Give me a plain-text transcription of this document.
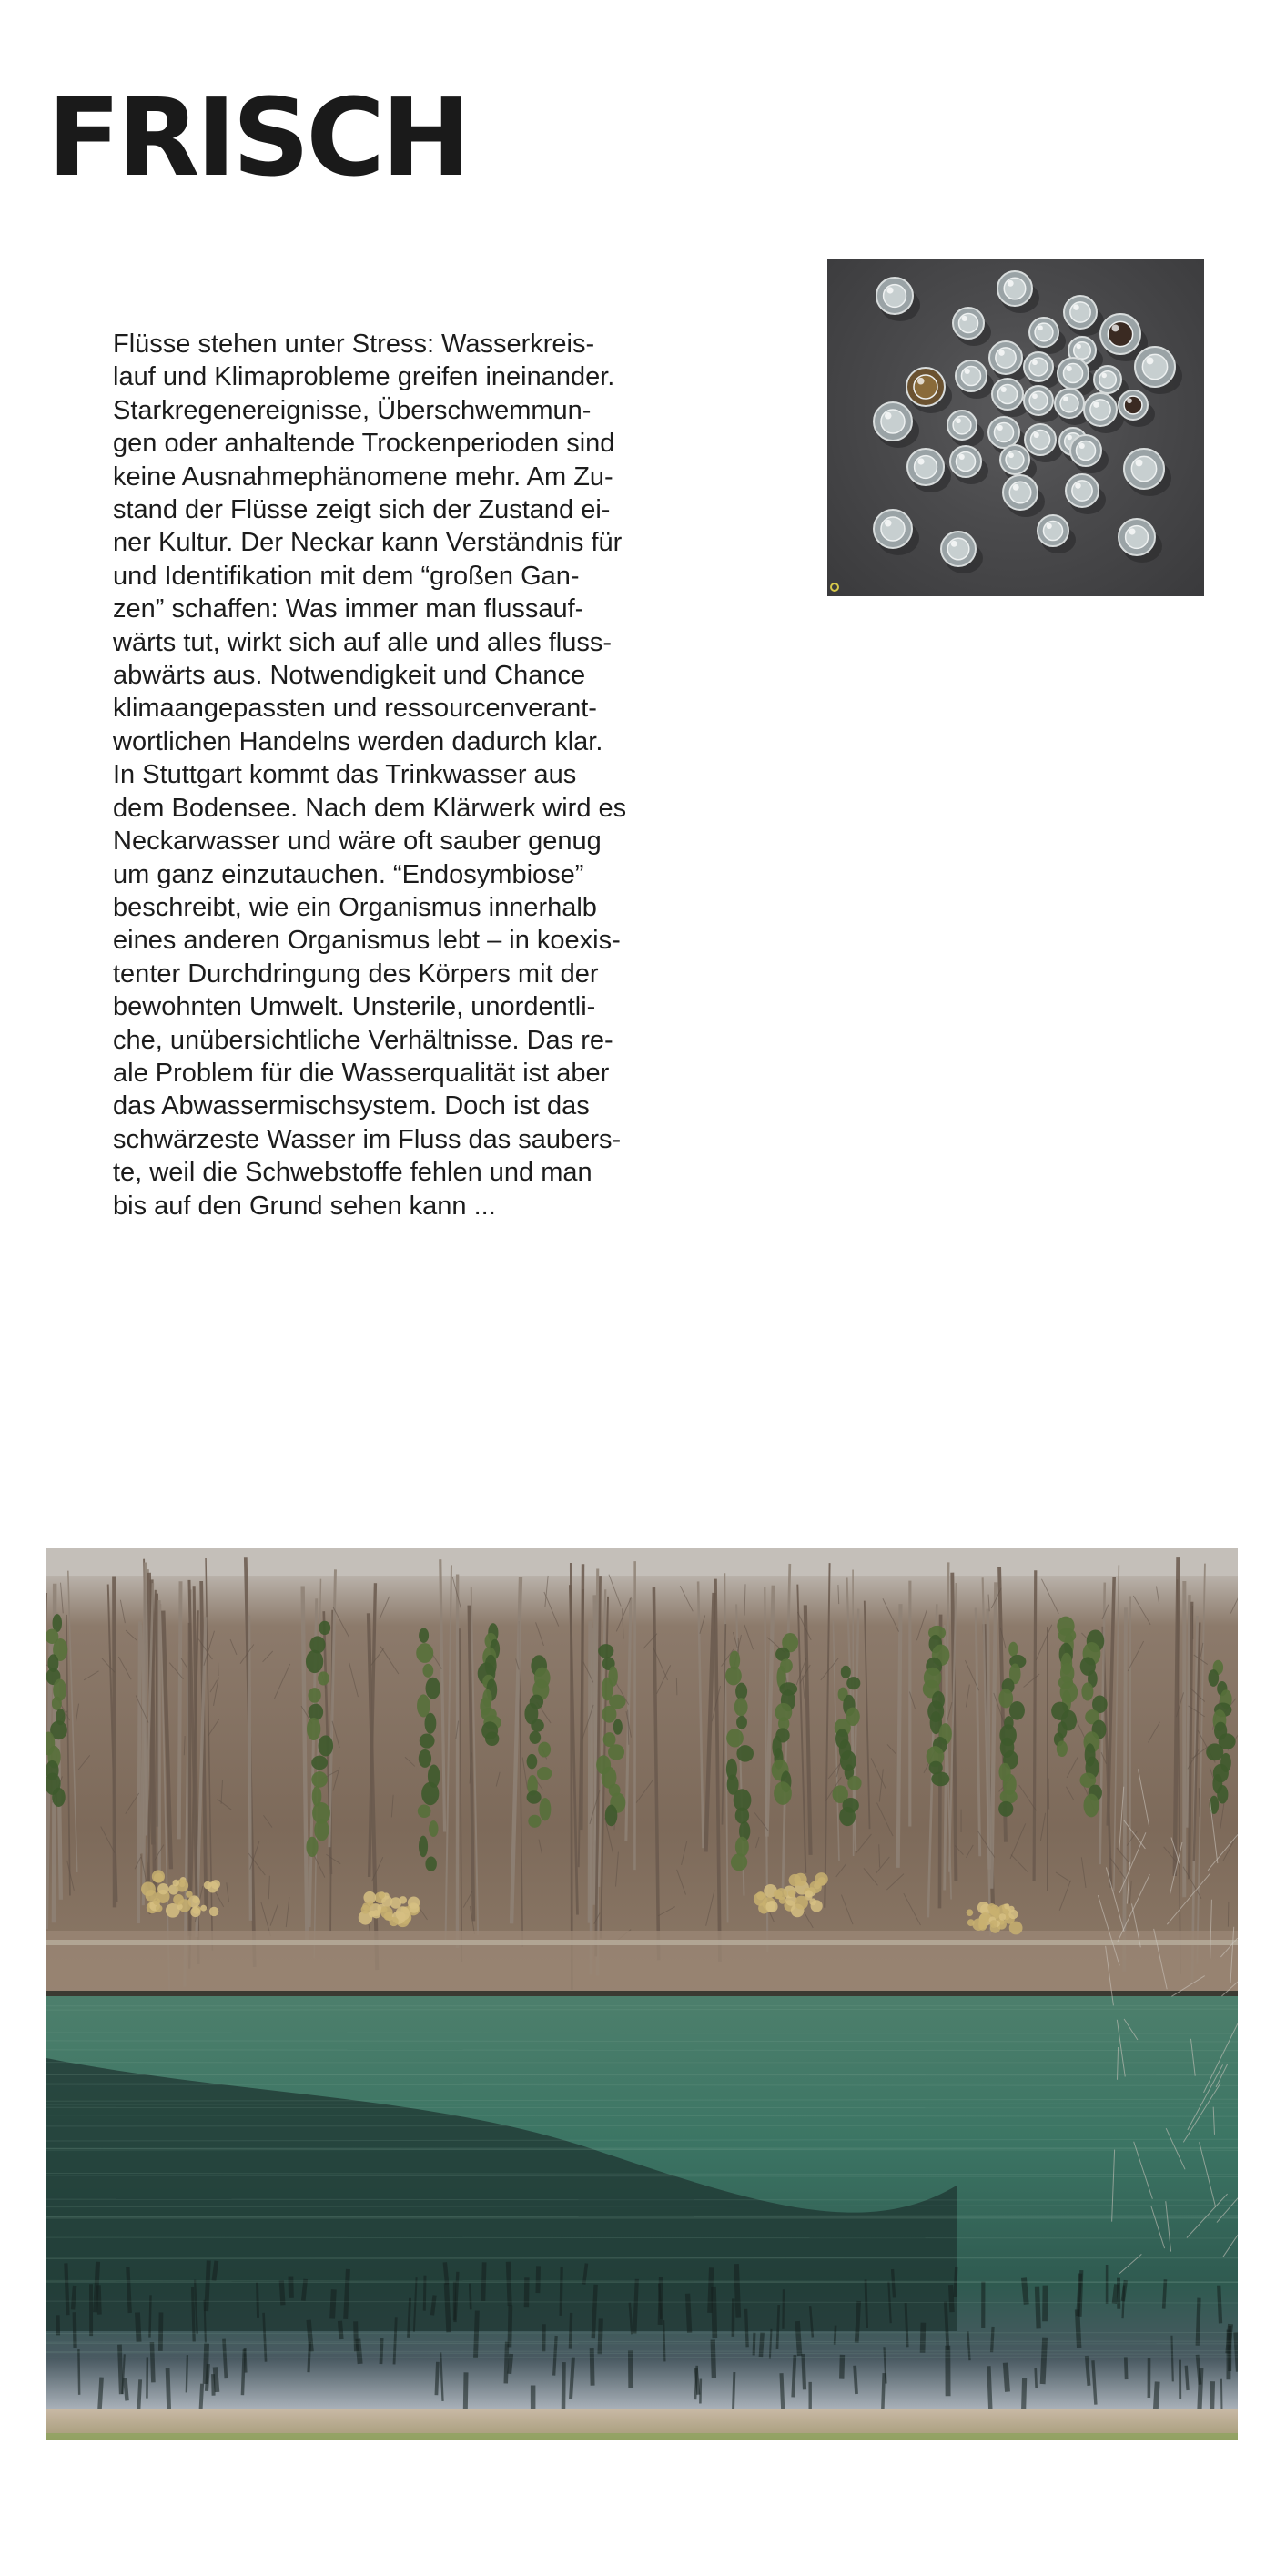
FRISCH

Flüsse stehen unter Stress: Wasserkreis-
lauf und Klimaprobleme greifen ineinander.
Starkregenereignisse, Überschwemmun-
gen oder anhaltende Trockenperioden sind
keine Ausnahmephänomene mehr. Am Zu-
stand der Flüsse zeigt sich der Zustand ei-
ner Kultur. Der Neckar kann Verständnis für
und Identifikation mit dem “großen Gan-
zen” schaffen: Was immer man flussauf-
wärts tut, wirkt sich auf alle und alles fluss-
abwärts aus. Notwendigkeit und Chance
klimaangepassten und ressourcenverant-
wortlichen Handelns werden dadurch klar.
In Stuttgart kommt das Trinkwasser aus
dem Bodensee. Nach dem Klärwerk wird es
Neckarwasser und wäre oft sauber genug
um ganz einzutauchen. “Endosymbiose”
beschreibt, wie ein Organismus innerhalb
eines anderen Organismus lebt – in koexis-
tenter Durchdringung des Körpers mit der
bewohnten Umwelt. Unsterile, unordentli-
che, unübersichtliche Verhältnisse. Das re-
ale Problem für die Wasserqualität ist aber
das Abwassermischsystem. Doch ist das
schwärzeste Wasser im Fluss das saubers-
te, weil die Schwebstoffe fehlen und man
bis auf den Grund sehen kann ...
